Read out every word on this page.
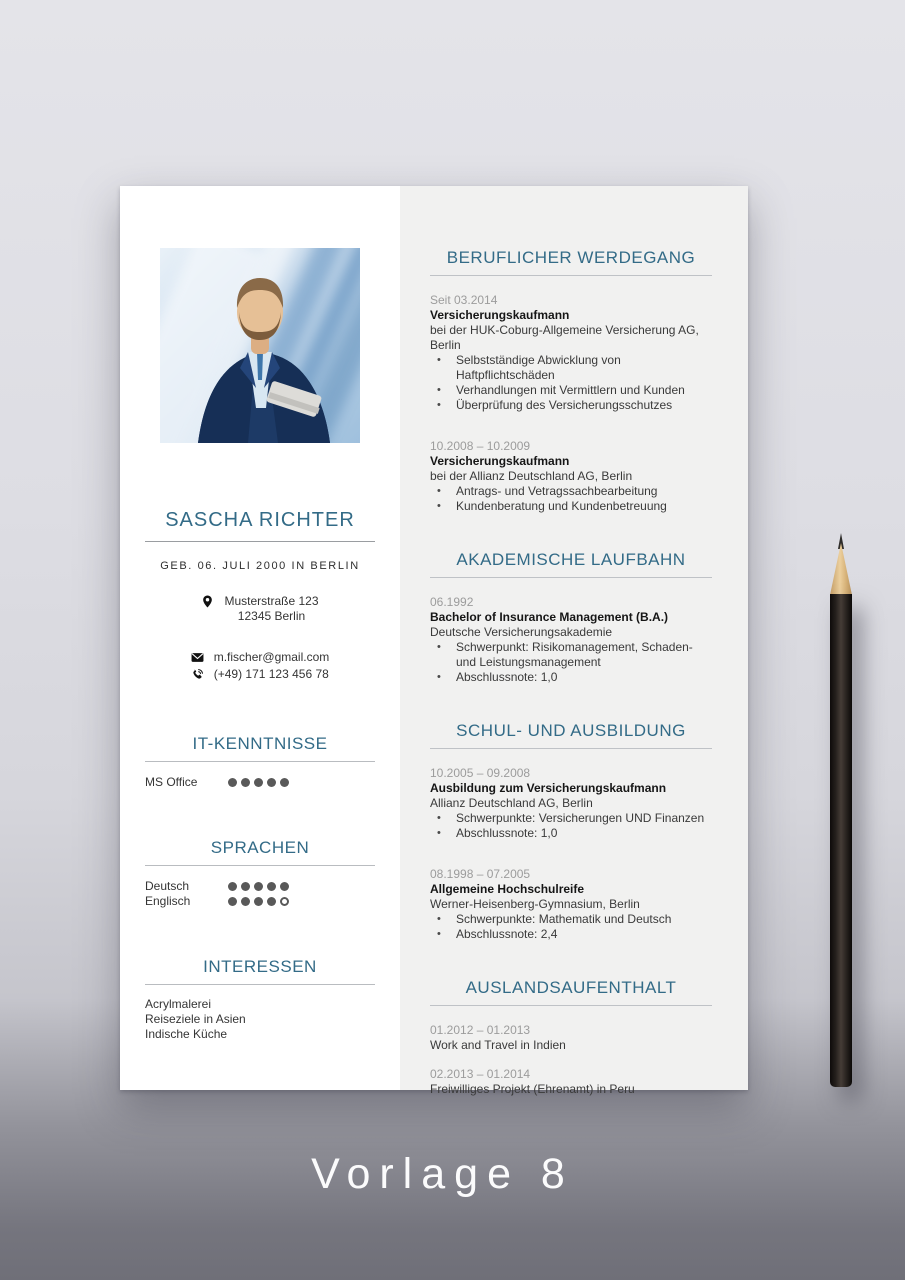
SASCHA RICHTER
GEB. 06. JULI 2000 IN BERLIN
Musterstraße 123
12345 Berlin
m.fischer@gmail.com
(+49) 171 123 456 78
IT-KENNTNISSE
MS Office
SPRACHEN
Deutsch
Englisch
INTERESSEN
Acrylmalerei
Reiseziele in Asien
Indische Küche
BERUFLICHER WERDEGANG
Seit 03.2014
Versicherungskaufmann
bei der HUK-Coburg-Allgemeine Versicherung AG, Berlin
• Selbstständige Abwicklung von Haftpflichtschäden
• Verhandlungen mit Vermittlern und Kunden
• Überprüfung des Versicherungsschutzes
10.2008 – 10.2009
Versicherungskaufmann
bei der Allianz Deutschland AG, Berlin
• Antrags- und Vetragssachbearbeitung
• Kundenberatung und Kundenbetreuung
AKADEMISCHE LAUFBAHN
06.1992
Bachelor of Insurance Management (B.A.)
Deutsche Versicherungsakademie
• Schwerpunkt: Risikomanagement, Schaden- und Leistungsmanagement
• Abschlussnote: 1,0
SCHUL- UND AUSBILDUNG
10.2005 – 09.2008
Ausbildung zum Versicherungskaufmann
Allianz Deutschland AG, Berlin
• Schwerpunkte: Versicherungen UND Finanzen
• Abschlussnote: 1,0
08.1998 – 07.2005
Allgemeine Hochschulreife
Werner-Heisenberg-Gymnasium, Berlin
• Schwerpunkte: Mathematik und Deutsch
• Abschlussnote: 2,4
AUSLANDSAUFENTHALT
01.2012 – 01.2013
Work and Travel in Indien
02.2013 – 01.2014
Freiwilliges Projekt (Ehrenamt) in Peru
Vorlage 8
